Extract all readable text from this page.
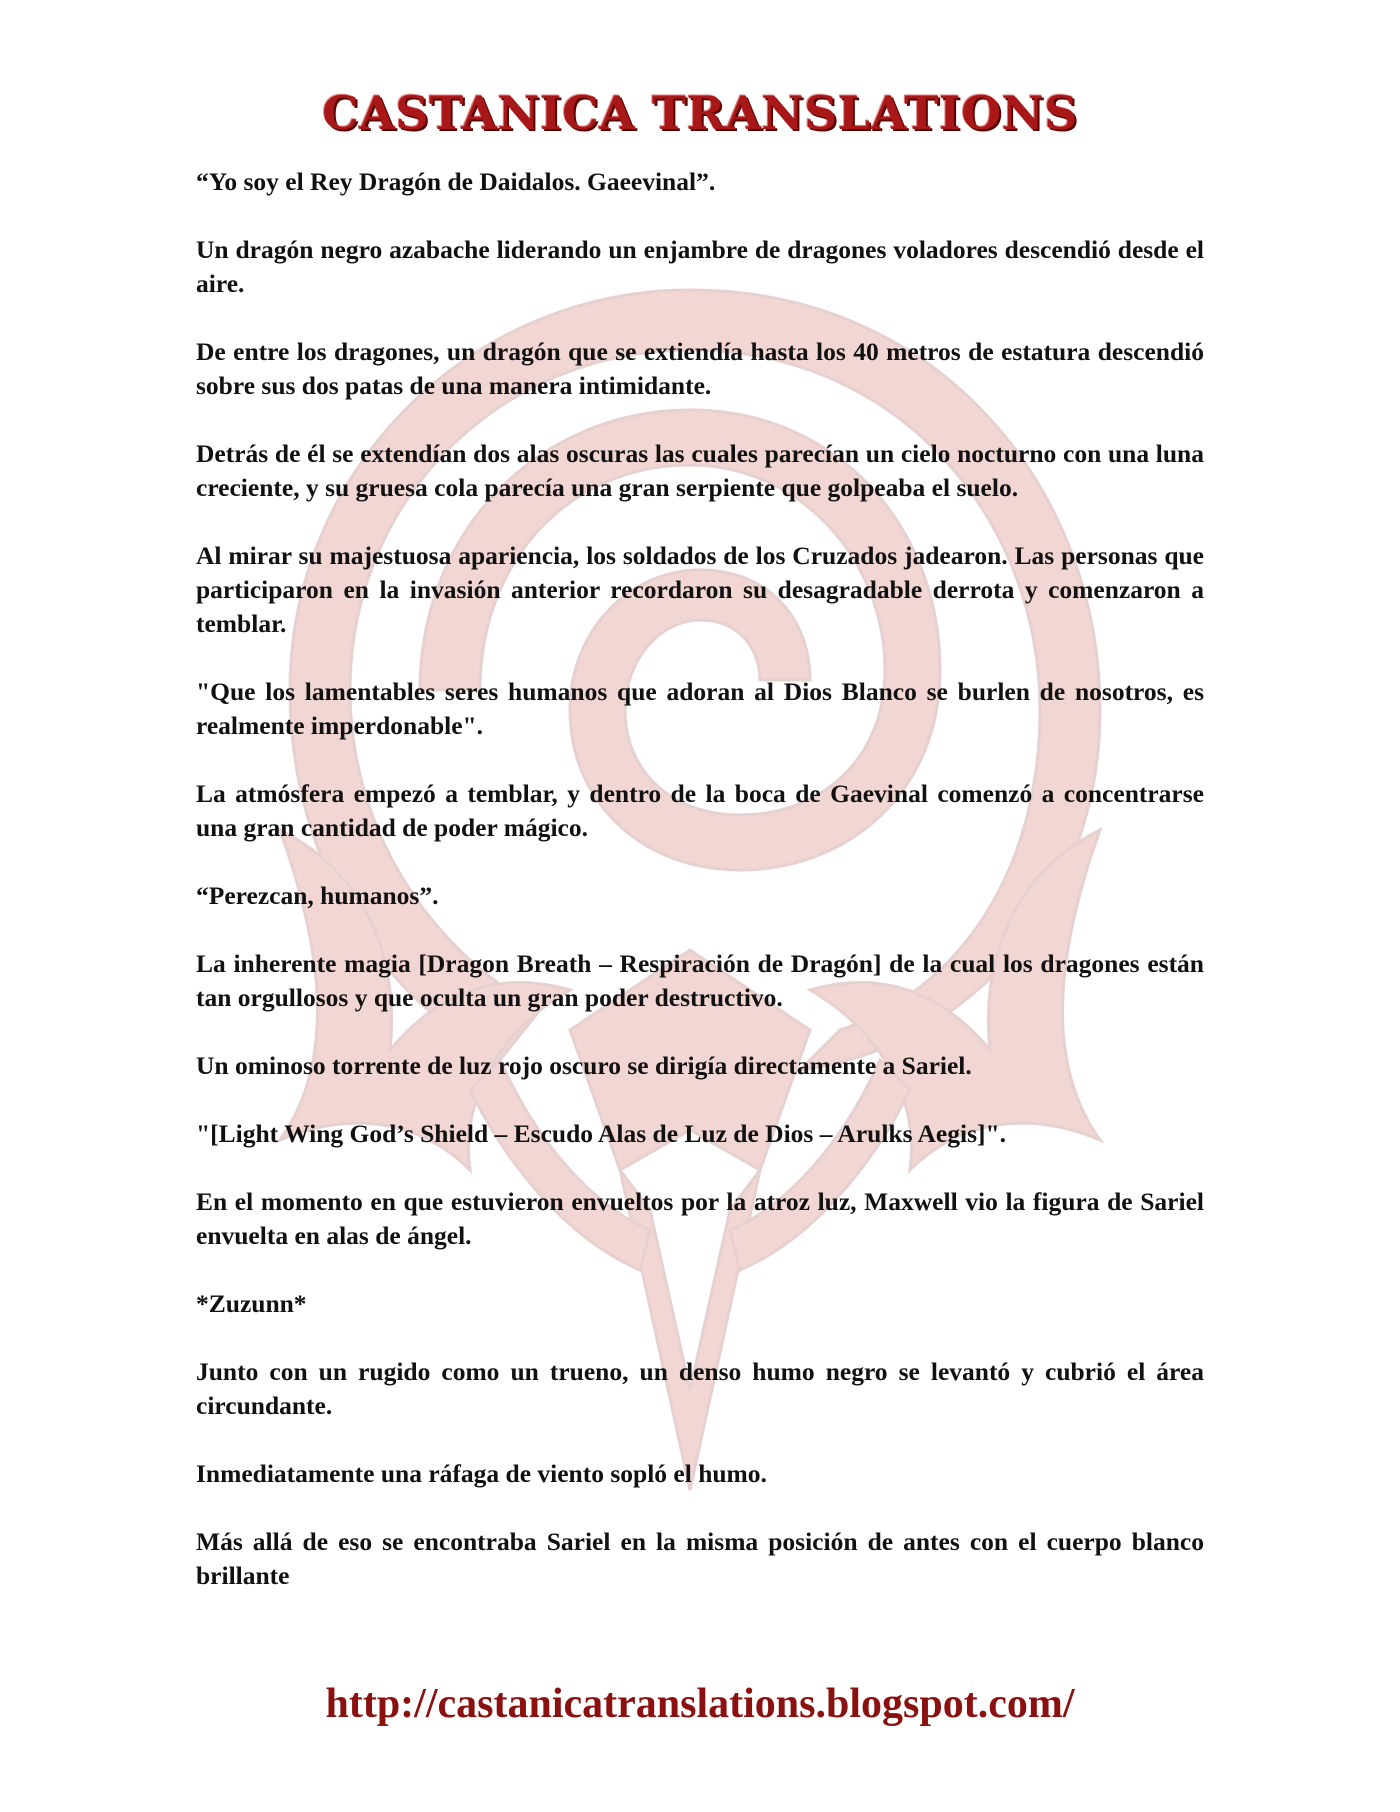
CASTANICA TRANSLATIONS

“Yo soy el Rey Dragón de Daidalos. Gaeevinal”.

Un dragón negro azabache liderando un enjambre de dragones voladores descendió desde el aire.

De entre los dragones, un dragón que se extiendía hasta los 40 metros de estatura descendió sobre sus dos patas de una manera intimidante.

Detrás de él se extendían dos alas oscuras las cuales parecían un cielo nocturno con una luna creciente, y su gruesa cola parecía una gran serpiente que golpeaba el suelo.

Al mirar su majestuosa apariencia, los soldados de los Cruzados jadearon. Las personas que participaron en la invasión anterior recordaron su desagradable derrota y comenzaron a temblar.

"Que los lamentables seres humanos que adoran al Dios Blanco se burlen de nosotros, es realmente imperdonable".

La atmósfera empezó a temblar, y dentro de la boca de Gaevinal comenzó a concentrarse una gran cantidad de poder mágico.

“Perezcan, humanos”.

La inherente magia [Dragon Breath – Respiración de Dragón] de la cual los dragones están tan orgullosos y que oculta un gran poder destructivo.

Un ominoso torrente de luz rojo oscuro se dirigía directamente a Sariel.

"[Light Wing God’s Shield – Escudo Alas de Luz de Dios – Arulks Aegis]".

En el momento en que estuvieron envueltos por la atroz luz, Maxwell vio la figura de Sariel envuelta en alas de ángel.

*Zuzunn*

Junto con un rugido como un trueno, un denso humo negro se levantó y cubrió el área circundante.

Inmediatamente una ráfaga de viento sopló el humo.

Más allá de eso se encontraba Sariel en la misma posición de antes con el cuerpo blanco brillante

http://castanicatranslations.blogspot.com/
